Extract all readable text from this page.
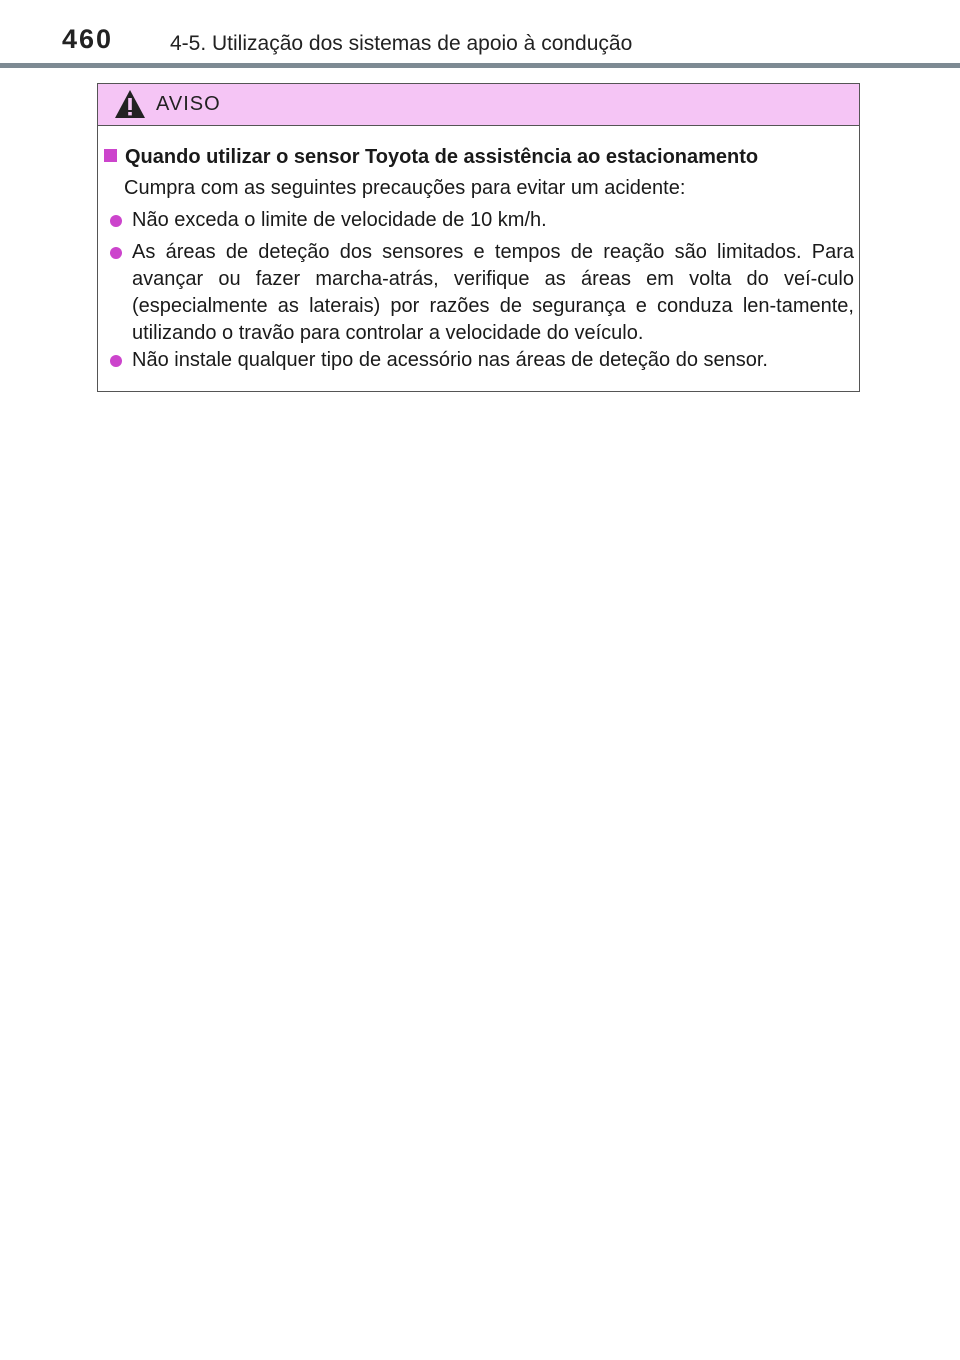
460	4-5. Utilização dos sistemas de apoio à condução
AVISO
Quando utilizar o sensor Toyota de assistência ao estacionamento
Cumpra com as seguintes precauções para evitar um acidente:
Não exceda o limite de velocidade de 10 km/h.
As áreas de deteção dos sensores e tempos de reação são limitados. Para avançar ou fazer marcha-atrás, verifique as áreas em volta do veí-culo (especialmente as laterais) por razões de segurança e conduza len-tamente, utilizando o travão para controlar a velocidade do veículo.
Não instale qualquer tipo de acessório nas áreas de deteção do sensor.
